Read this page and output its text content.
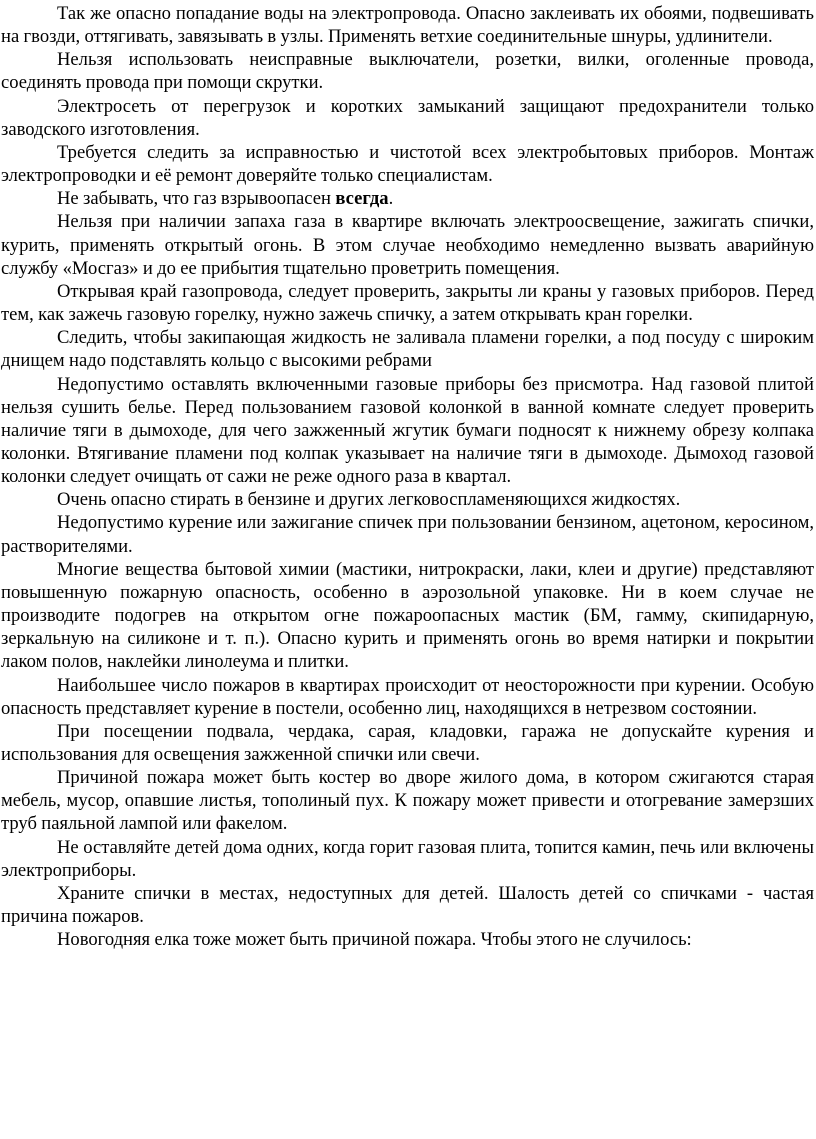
Так же опасно попадание воды на электропровода. Опасно заклеивать их обоями, подвешивать на гвозди, оттягивать, завязывать в узлы. Применять ветхие соединительные шнуры, удлинители.

Нельзя использовать неисправные выключатели, розетки, вилки, оголенные провода, соединять провода при помощи скрутки.

Электросеть от перегрузок и коротких замыканий защищают предохранители только заводского изготовления.

Требуется следить за исправностью и чистотой всех электробытовых приборов. Монтаж электропроводки и её ремонт доверяйте только специалистам.

Не забывать, что газ взрывоопасен всегда.

Нельзя при наличии запаха газа в квартире включать электроосвещение, зажигать спички, курить, применять открытый огонь. В этом случае необходимо немедленно вызвать аварийную службу «Мосгаз» и до ее прибытия тщательно проветрить помещения.

Открывая край газопровода, следует проверить, закрыты ли краны у газовых приборов. Перед тем, как зажечь газовую горелку, нужно зажечь спичку, а затем открывать кран горелки.

Следить, чтобы закипающая жидкость не заливала пламени горелки, а под посуду с широким днищем надо подставлять кольцо с высокими ребрами

Недопустимо оставлять включенными газовые приборы без присмотра. Над газовой плитой нельзя сушить белье. Перед пользованием газовой колонкой в ванной комнате следует проверить наличие тяги в дымоходе, для чего зажженный жгутик бумаги подносят к нижнему обрезу колпака колонки. Втягивание пламени под колпак указывает на наличие тяги в дымоходе. Дымоход газовой колонки следует очищать от сажи не реже одного раза в квартал.

Очень опасно стирать в бензине и других легковоспламеняющихся жидкостях.

Недопустимо курение или зажигание спичек при пользовании бензином, ацетоном, керосином, растворителями.

Многие вещества бытовой химии (мастики, нитрокраски, лаки, клеи и другие) представляют повышенную пожарную опасность, особенно в аэрозольной упаковке. Ни в коем случае не производите подогрев на открытом огне пожароопасных мастик (БМ, гамму, скипидарную, зеркальную на силиконе и т. п.). Опасно курить и применять огонь во время натирки и покрытии лаком полов, наклейки линолеума и плитки.

Наибольшее число пожаров в квартирах происходит от неосторожности при курении. Особую опасность представляет курение в постели, особенно лиц, находящихся в нетрезвом состоянии.

При посещении подвала, чердака, сарая, кладовки, гаража не допускайте курения и использования для освещения зажженной спички или свечи.

Причиной пожара может быть костер во дворе жилого дома, в котором сжигаются старая мебель, мусор, опавшие листья, тополиный пух. К пожару может привести и отогревание замерзших труб паяльной лампой или факелом.

Не оставляйте детей дома одних, когда горит газовая плита, топится камин, печь или включены электроприборы.

Храните спички в местах, недоступных для детей. Шалость детей со спичками - частая причина пожаров.

Новогодняя елка тоже может быть причиной пожара. Чтобы этого не случилось:
